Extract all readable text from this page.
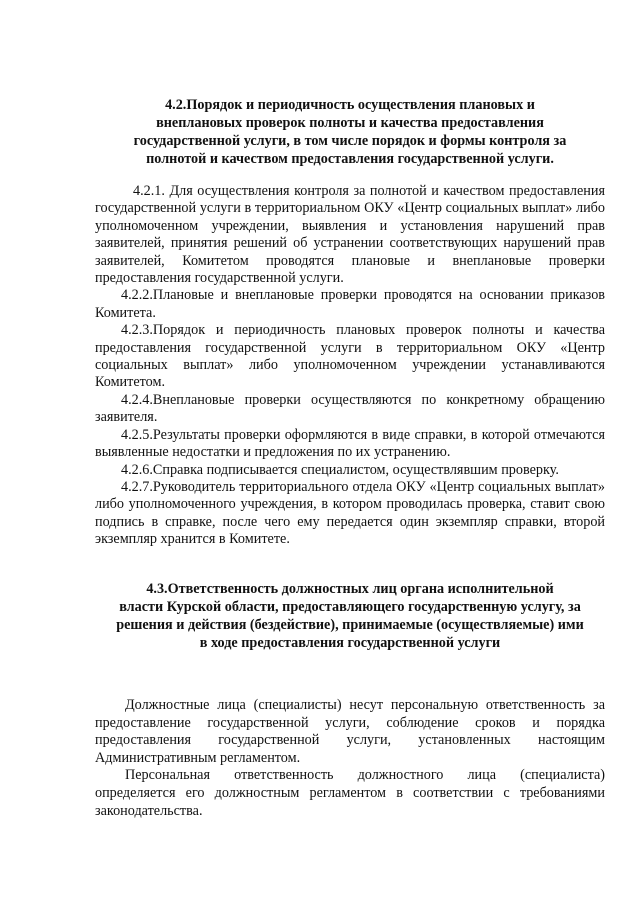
4.2.Порядок и периодичность осуществления плановых и
внеплановых проверок полноты и качества предоставления
государственной услуги, в том числе порядок и формы контроля за
полнотой и качеством предоставления государственной услуги.

4.2.1. Для осуществления контроля за полнотой и качеством предоставления государственной услуги в территориальном ОКУ «Центр социальных выплат» либо уполномоченном учреждении, выявления и установления нарушений прав заявителей, принятия решений об устранении соответствующих нарушений прав заявителей, Комитетом проводятся плановые и внеплановые проверки предоставления государственной услуги.

4.2.2.Плановые и внеплановые проверки проводятся на основании приказов Комитета.

4.2.3.Порядок и периодичность плановых проверок полноты и качества предоставления государственной услуги в территориальном ОКУ «Центр социальных выплат» либо уполномоченном учреждении устанавливаются Комитетом.

4.2.4.Внеплановые проверки осуществляются по конкретному обращению заявителя.

4.2.5.Результаты проверки оформляются в виде справки, в которой отмечаются выявленные недостатки и предложения по их устранению.

4.2.6.Справка подписывается специалистом, осуществлявшим проверку.

4.2.7.Руководитель территориального отдела ОКУ «Центр социальных выплат» либо уполномоченного учреждения, в котором проводилась проверка, ставит свою подпись в справке, после чего ему передается один экземпляр справки, второй экземпляр хранится в Комитете.

4.3.Ответственность должностных лиц органа исполнительной
власти Курской области, предоставляющего государственную услугу, за
решения и действия (бездействие), принимаемые (осуществляемые) ими
в ходе предоставления государственной услуги

Должностные лица (специалисты) несут персональную ответственность за предоставление государственной услуги, соблюдение сроков и порядка предоставления государственной услуги, установленных настоящим Административным регламентом.

Персональная ответственность должностного лица (специалиста) определяется его должностным регламентом в соответствии с требованиями законодательства.
